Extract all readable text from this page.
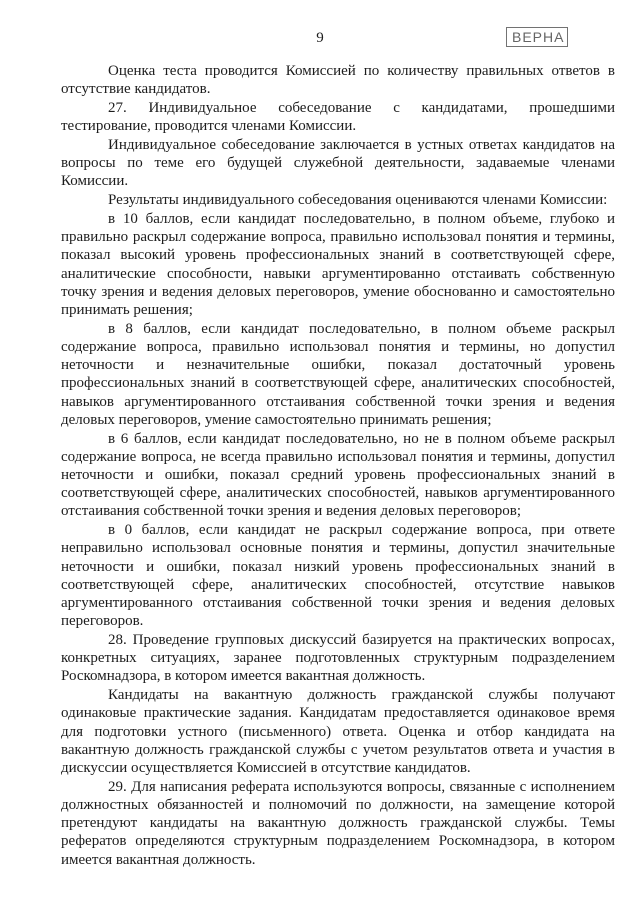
9	ВЕРНА

Оценка теста проводится Комиссией по количеству правильных ответов в отсутствие кандидатов.

27. Индивидуальное собеседование с кандидатами, прошедшими тестирование, проводится членами Комиссии.

Индивидуальное собеседование заключается в устных ответах кандидатов на вопросы по теме его будущей служебной деятельности, задаваемые членами Комиссии.

Результаты индивидуального собеседования оцениваются членами Комиссии:

в 10 баллов, если кандидат последовательно, в полном объеме, глубоко и правильно раскрыл содержание вопроса, правильно использовал понятия и термины, показал высокий уровень профессиональных знаний в соответствующей сфере, аналитические способности, навыки аргументированно отстаивать собственную точку зрения и ведения деловых переговоров, умение обоснованно и самостоятельно принимать решения;

в 8 баллов, если кандидат последовательно, в полном объеме раскрыл содержание вопроса, правильно использовал понятия и термины, но допустил неточности и незначительные ошибки, показал достаточный уровень профессиональных знаний в соответствующей сфере, аналитических способностей, навыков аргументированного отстаивания собственной точки зрения и ведения деловых переговоров, умение самостоятельно принимать решения;

в 6 баллов, если кандидат последовательно, но не в полном объеме раскрыл содержание вопроса, не всегда правильно использовал понятия и термины, допустил неточности и ошибки, показал средний уровень профессиональных знаний в соответствующей сфере, аналитических способностей, навыков аргументированного отстаивания собственной точки зрения и ведения деловых переговоров;

в 0 баллов, если кандидат не раскрыл содержание вопроса, при ответе неправильно использовал основные понятия и термины, допустил значительные неточности и ошибки, показал низкий уровень профессиональных знаний в соответствующей сфере, аналитических способностей, отсутствие навыков аргументированного отстаивания собственной точки зрения и ведения деловых переговоров.

28. Проведение групповых дискуссий базируется на практических вопросах, конкретных ситуациях, заранее подготовленных структурным подразделением Роскомнадзора, в котором имеется вакантная должность.

Кандидаты на вакантную должность гражданской службы получают одинаковые практические задания. Кандидатам предоставляется одинаковое время для подготовки устного (письменного) ответа. Оценка и отбор кандидата на вакантную должность гражданской службы с учетом результатов ответа и участия в дискуссии осуществляется Комиссией в отсутствие кандидатов.

29. Для написания реферата используются вопросы, связанные с исполнением должностных обязанностей и полномочий по должности, на замещение которой претендуют кандидаты на вакантную должность гражданской службы. Темы рефератов определяются структурным подразделением Роскомнадзора, в котором имеется вакантная должность.
